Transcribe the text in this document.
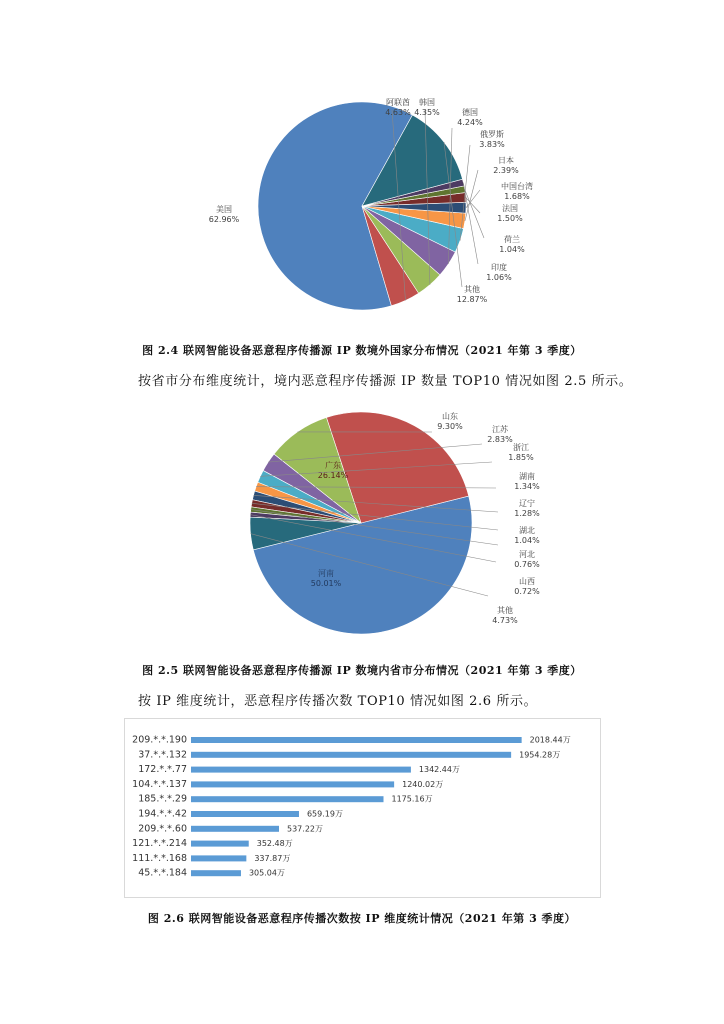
美国
62.96%
阿联酋
4.63%
韩国
4.35%	德国
4.24%
俄罗斯
3.83%
日本
2.39%
中国台湾
1.68%
法国
1.50%
荷兰
1.04%
印度
1.06%
其他
12.87%
图 2.4 联网智能设备恶意程序传播源 IP 数境外国家分布情况（2021 年第 3 季度）
按省市分布维度统计，境内恶意程序传播源 IP 数量 TOP10 情况如图 2.5 所示。
河南
50.01%
广东
26.14%
山东
9.30%	江苏
2.83%
浙江
1.85%
湖南
1.34%
辽宁
1.28%
湖北
1.04%
河北
0.76%
山西
0.72%
其他
4.73%
图 2.5 联网智能设备恶意程序传播源 IP 数境内省市分布情况（2021 年第 3 季度）
按 IP 维度统计，恶意程序传播次数 TOP10 情况如图 2.6 所示。
209.*.*.190	2018.44万
37.*.*.132	1954.28万
172.*.*.77	1342.44万
104.*.*.137	1240.02万
185.*.*.29	1175.16万
194.*.*.42	659.19万
209.*.*.60	537.22万
121.*.*.214	352.48万
111.*.*.168	337.87万
45.*.*.184	305.04万
图 2.6 联网智能设备恶意程序传播次数按 IP 维度统计情况（2021 年第 3 季度）
